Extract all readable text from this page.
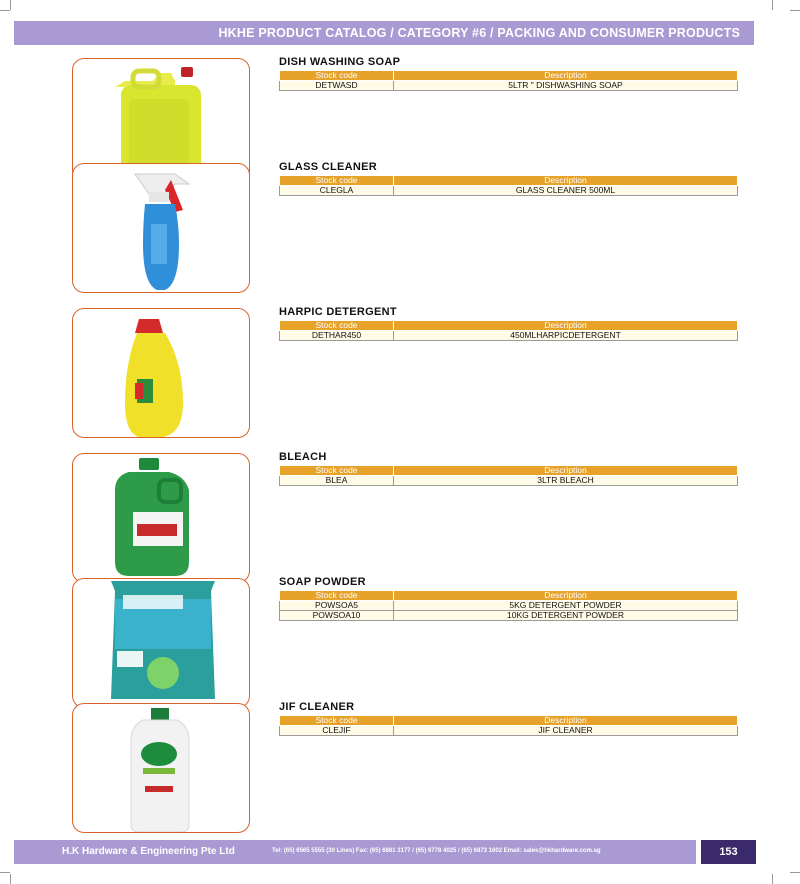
HKHE PRODUCT CATALOG / CATEGORY #6 / PACKING AND CONSUMER PRODUCTS
DISH WASHING SOAP
Stock code	Description
DETWASD	5LTR " DISHWASHING SOAP
GLASS CLEANER
Stock code	Description
CLEGLA	GLASS CLEANER 500ML
HARPIC DETERGENT
Stock code	Description
DETHAR450	450MLHARPICDETERGENT
BLEACH
Stock code	Description
BLEA	3LTR BLEACH
SOAP POWDER
Stock code	Description
POWSOA5	5KG DETERGENT POWDER
POWSOA10	10KG DETERGENT POWDER
JIF CLEANER
Stock code	Description
CLEJIF	JIF CLEANER
H.K Hardware & Engineering Pte Ltd	Tel: (65) 6565 5555 (30 Lines) Fax: (65) 6861 3177 / (65) 6778 4025 / (65) 6873 1602 Email: sales@hkhardware.com.sg	153
